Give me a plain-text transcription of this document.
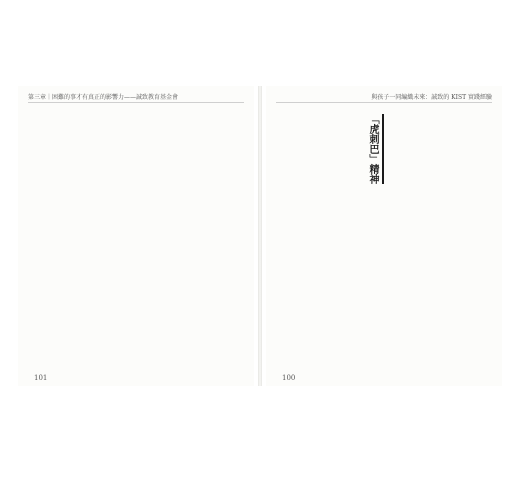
第三章｜困難的事才有真正的影響力——誠致教育基金會
101
與孩子一同編織未來：誠致的 KIST 實踐經驗
「虎刺巴」精神
100
